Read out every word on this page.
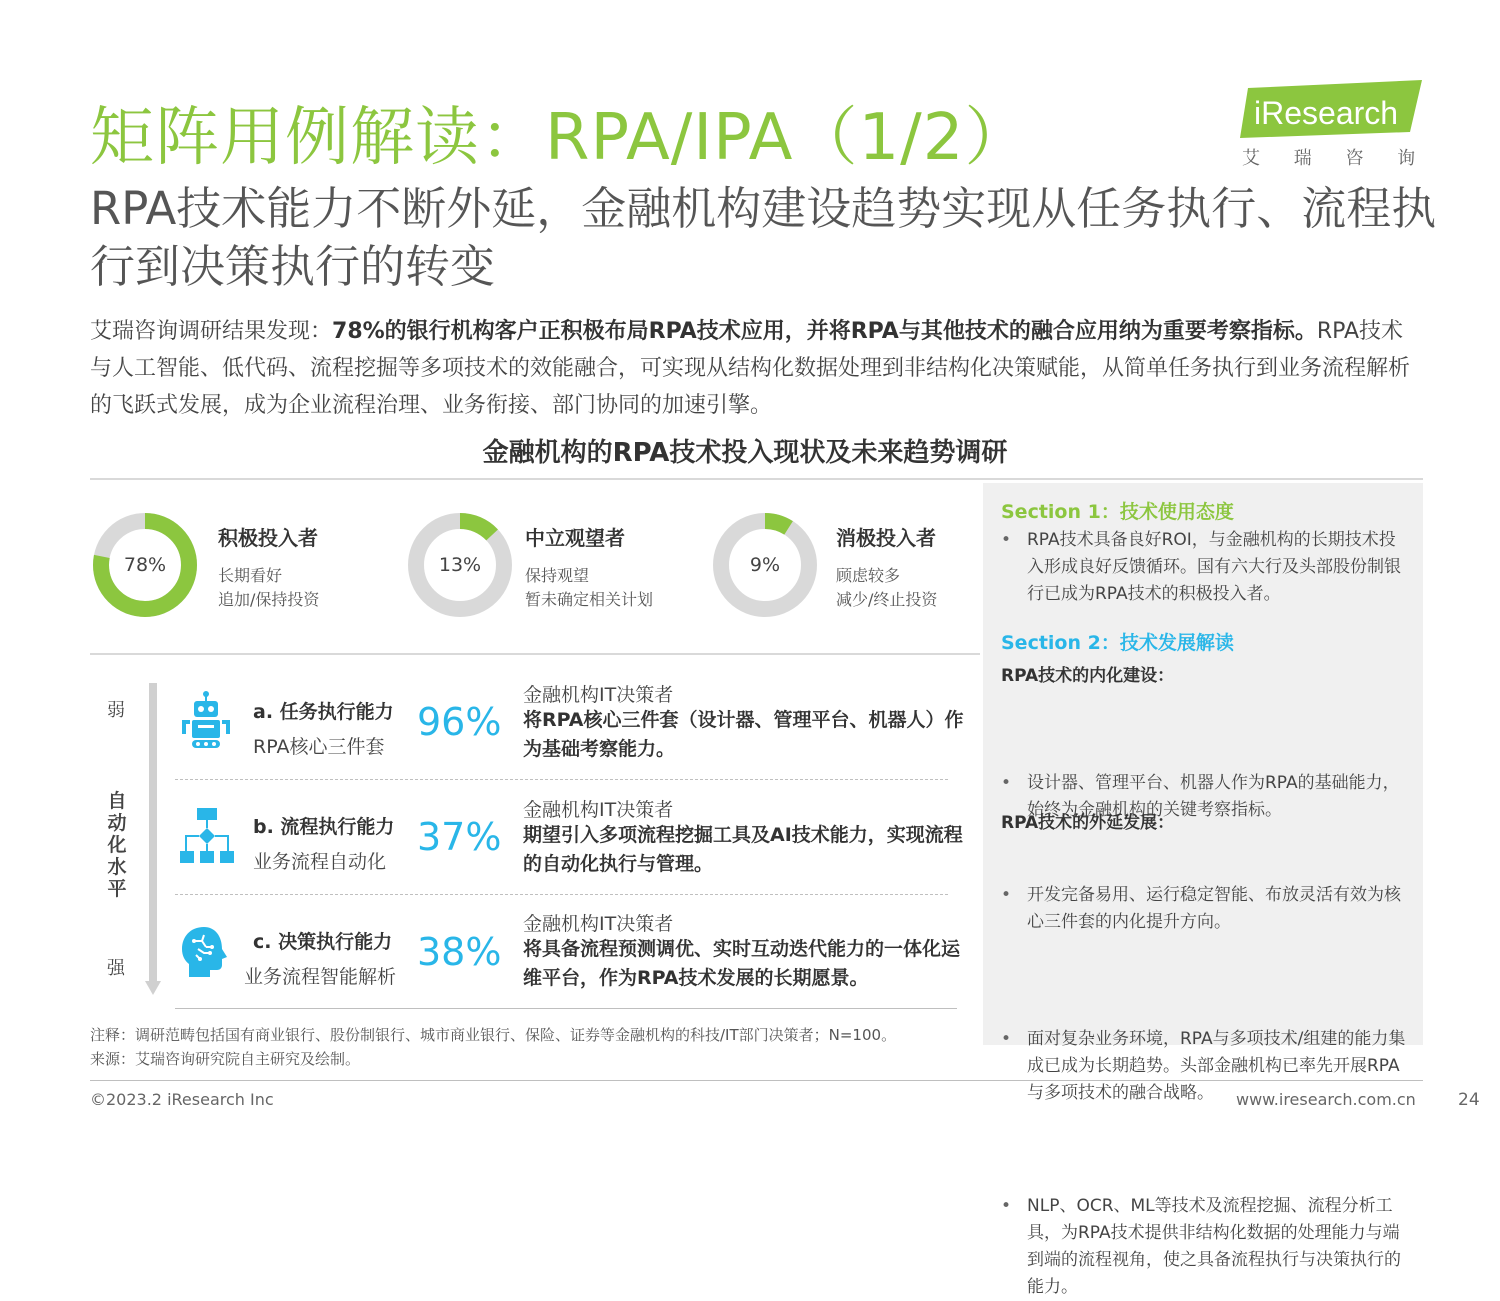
矩阵用例解读：RPA/IPA（1/2）	iResearch
艾 瑞 咨 询
RPA技术能力不断外延，金融机构建设趋势实现从任务执行、流程执行到决策执行的转变
艾瑞咨询调研结果发现：78%的银行机构客户正积极布局RPA技术应用，并将RPA与其他技术的融合应用纳为重要考察指标。RPA技术与人工智能、低代码、流程挖掘等多项技术的效能融合，可实现从结构化数据处理到非结构化决策赋能，从简单任务执行到业务流程解析的飞跃式发展，成为企业流程治理、业务衔接、部门协同的加速引擎。
金融机构的RPA技术投入现状及未来趋势调研
78%
积极投入者
长期看好
追加/保持投资
13%
中立观望者
保持观望
暂未确定相关计划
9%
消极投入者
顾虑较多
减少/终止投资
弱
自动化水平
强
a. 任务执行能力
RPA核心三件套
96%
金融机构IT决策者
将RPA核心三件套（设计器、管理平台、机器人）作为基础考察能力。
b. 流程执行能力
业务流程自动化
37%
金融机构IT决策者
期望引入多项流程挖掘工具及AI技术能力，实现流程的自动化执行与管理。
c. 决策执行能力
业务流程智能解析
38%
金融机构IT决策者
将具备流程预测调优、实时互动迭代能力的一体化运维平台，作为RPA技术发展的长期愿景。
Section 1：技术使用态度
• RPA技术具备良好ROI，与金融机构的长期技术投入形成良好反馈循环。国有六大行及头部股份制银行已成为RPA技术的积极投入者。
Section 2：技术发展解读
RPA技术的内化建设：
• 设计器、管理平台、机器人作为RPA的基础能力，始终为金融机构的关键考察指标。
• 开发完备易用、运行稳定智能、布放灵活有效为核心三件套的内化提升方向。
RPA技术的外延发展：
• 面对复杂业务环境，RPA与多项技术/组建的能力集成已成为长期趋势。头部金融机构已率先开展RPA与多项技术的融合战略。
• NLP、OCR、ML等技术及流程挖掘、流程分析工具，为RPA技术提供非结构化数据的处理能力与端到端的流程视角，使之具备流程执行与决策执行的能力。
注释：调研范畴包括国有商业银行、股份制银行、城市商业银行、保险、证券等金融机构的科技/IT部门决策者；N=100。
来源：艾瑞咨询研究院自主研究及绘制。
©2023.2 iResearch Inc	www.iresearch.com.cn 24
